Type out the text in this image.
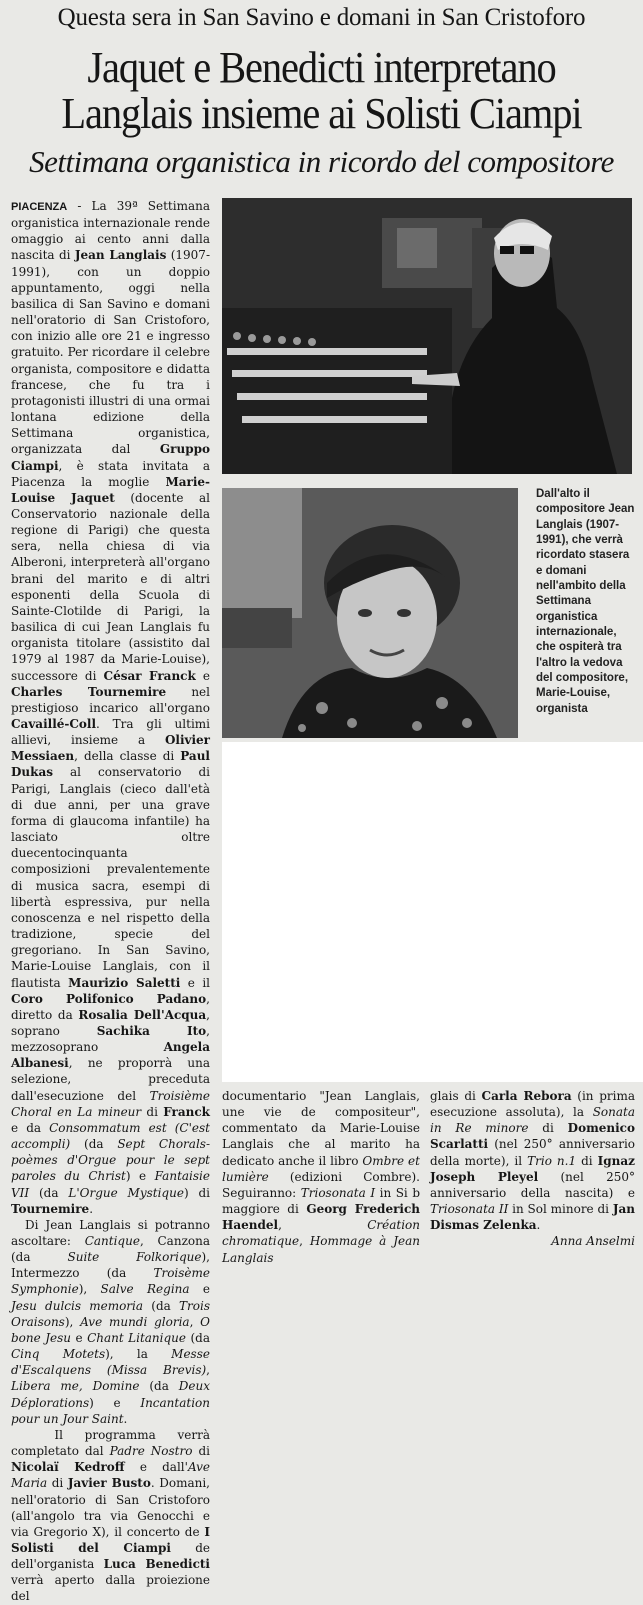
Questa sera in San Savino e domani in San Cristoforo
Jaquet e Benedicti interpretano
Langlais insieme ai Solisti Ciampi
Settimana organistica in ricordo del compositore
PIACENZA - La 39ª Settimana organistica internazionale rende omaggio ai cento anni dalla nascita di Jean Langlais (1907-1991), con un doppio appuntamento, oggi nella basilica di San Savino e domani nell'oratorio di San Cristoforo, con inizio alle ore 21 e ingresso gratuito. Per ricordare il celebre organista, compositore e didatta francese, che fu tra i protagonisti illustri di una ormai lontana edizione della Settimana organistica, organizzata dal Gruppo Ciampi, è stata invitata a Piacenza la moglie Marie-Louise Jaquet (docente al Conservatorio nazionale della regione di Parigi) che questa sera, nella chiesa di via Alberoni, interpreterà all'organo brani del marito e di altri esponenti della Scuola di Sainte-Clotilde di Parigi, la basilica di cui Jean Langlais fu organista titolare (assistito dal 1979 al 1987 da Marie-Louise), successore di César Franck e Charles Tournemire nel prestigioso incarico all'organo Cavaillé-Coll. Tra gli ultimi allievi, insieme a Olivier Messiaen, della classe di Paul Dukas al conservatorio di Parigi, Langlais (cieco dall'età di due anni, per una grave forma di glaucoma infantile) ha lasciato oltre duecentocinquanta composizioni prevalentemente di musica sacra, esempi di libertà espressiva, pur nella conoscenza e nel rispetto della tradizione, specie del gregoriano. In San Savino, Marie-Louise Langlais, con il flautista Maurizio Saletti e il Coro Polifonico Padano, diretto da Rosalia Dell'Acqua, soprano Sachika Ito, mezzosoprano Angela Albanesi, ne proporrà una selezione, preceduta dall'esecuzione del Troisième Choral en La mineur di Franck e da Consommatum est (C'est accompli) (da Sept Chorals-poèmes d'Orgue pour le sept paroles du Christ) e Fantaisie VII (da L'Orgue Mystique) di Tournemire.
Di Jean Langlais si potranno ascoltare: Cantique, Canzona (da Suite Folkorique), Intermezzo (da Troisème Symphonie), Salve Regina e Jesu dulcis memoria (da Trois Oraisons), Ave mundi gloria, O bone Jesu e Chant Litanique (da Cinq Motets), la Messe d'Escalquens (Missa Brevis), Libera me, Domine (da Deux Déplorations) e Incantation pour un Jour Saint.
Il programma verrà completato dal Padre Nostro di Nicolaï Kedroff e dall'Ave Maria di Javier Busto. Domani, nell'oratorio di San Cristoforo (all'angolo tra via Genocchi e via Gregorio X), il concerto de I Solisti del Ciampi de dell'organista Luca Benedicti verrà aperto dalla proiezione del
Dall'alto il compositore Jean Langlais (1907-1991), che verrà ricordato stasera e domani nell'ambito della Settimana organistica internazionale, che ospiterà tra l'altro la vedova del compositore, Marie-Louise, organista
documentario "Jean Langlais, une vie de compositeur", commentato da Marie-Louise Langlais che al marito ha dedicato anche il libro Ombre et lumière (edizioni Combre). Seguiranno: Triosonata I in Si b maggiore di Georg Frederich Haendel, Création chromatique, Hommage à Jean Langlais
glais di Carla Rebora (in prima esecuzione assoluta), la Sonata in Re minore di Domenico Scarlatti (nel 250° anniversario della morte), il Trio n.1 di Ignaz Joseph Pleyel (nel 250° anniversario della nascita) e Triosonata II in Sol minore di Jan Dismas Zelenka.
Anna Anselmi
